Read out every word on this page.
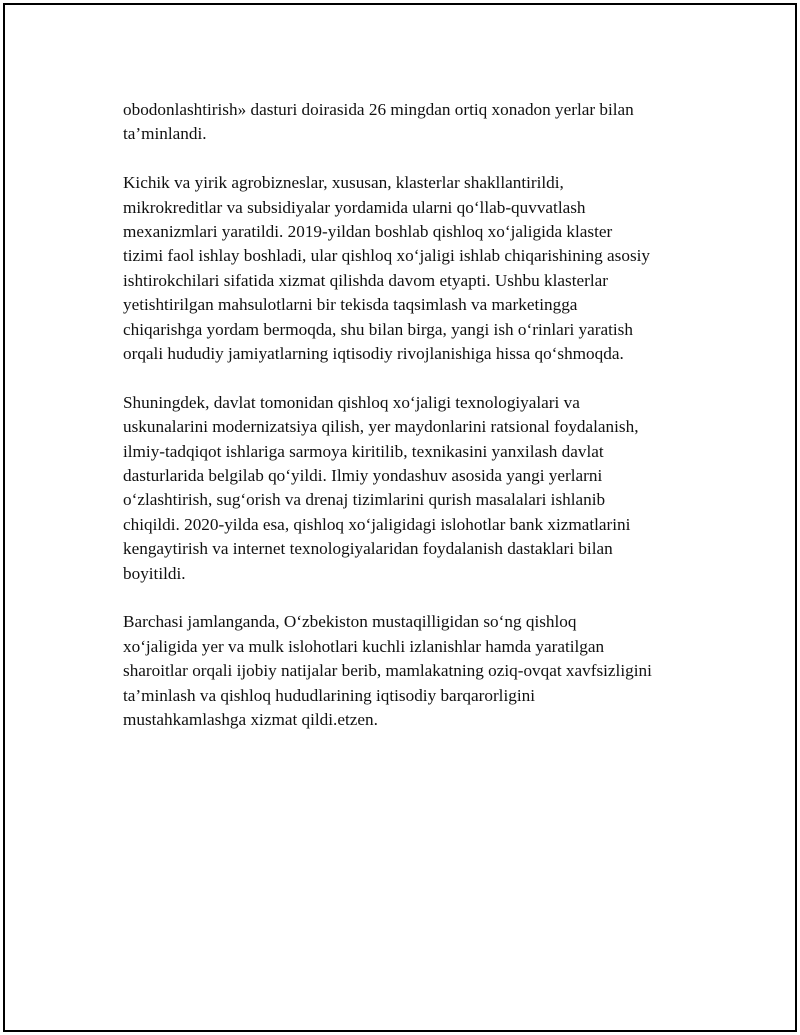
obodonlashtirish» dasturi doirasida 26 mingdan ortiq xonadon yerlar bilan
ta’minlandi.

Kichik va yirik agrobizneslar, xususan, klasterlar shakllantirildi,
mikrokreditlar va subsidiyalar yordamida ularni qo‘llab-quvvatlash
mexanizmlari yaratildi. 2019-yildan boshlab qishloq xo‘jaligida klaster
tizimi faol ishlay boshladi, ular qishloq xo‘jaligi ishlab chiqarishining asosiy
ishtirokchilari sifatida xizmat qilishda davom etyapti. Ushbu klasterlar
yetishtirilgan mahsulotlarni bir tekisda taqsimlash va marketingga
chiqarishga yordam bermoqda, shu bilan birga, yangi ish o‘rinlari yaratish
orqali hududiy jamiyatlarning iqtisodiy rivojlanishiga hissa qo‘shmoqda.

Shuningdek, davlat tomonidan qishloq xo‘jaligi texnologiyalari va
uskunalarini modernizatsiya qilish, yer maydonlarini ratsional foydalanish,
ilmiy-tadqiqot ishlariga sarmoya kiritilib, texnikasini yanxilash davlat
dasturlarida belgilab qo‘yildi. Ilmiy yondashuv asosida yangi yerlarni
o‘zlashtirish, sug‘orish va drenaj tizimlarini qurish masalalari ishlanib
chiqildi. 2020-yilda esa, qishloq xo‘jaligidagi islohotlar bank xizmatlarini
kengaytirish va internet texnologiyalaridan foydalanish dastaklari bilan
boyitildi.

Barchasi jamlanganda, O‘zbekiston mustaqilligidan so‘ng qishloq
xo‘jaligida yer va mulk islohotlari kuchli izlanishlar hamda yaratilgan
sharoitlar orqali ijobiy natijalar berib, mamlakatning oziq-ovqat xavfsizligini
ta’minlash va qishloq hududlarining iqtisodiy barqarorligini
mustahkamlashga xizmat qildi.etzen.
